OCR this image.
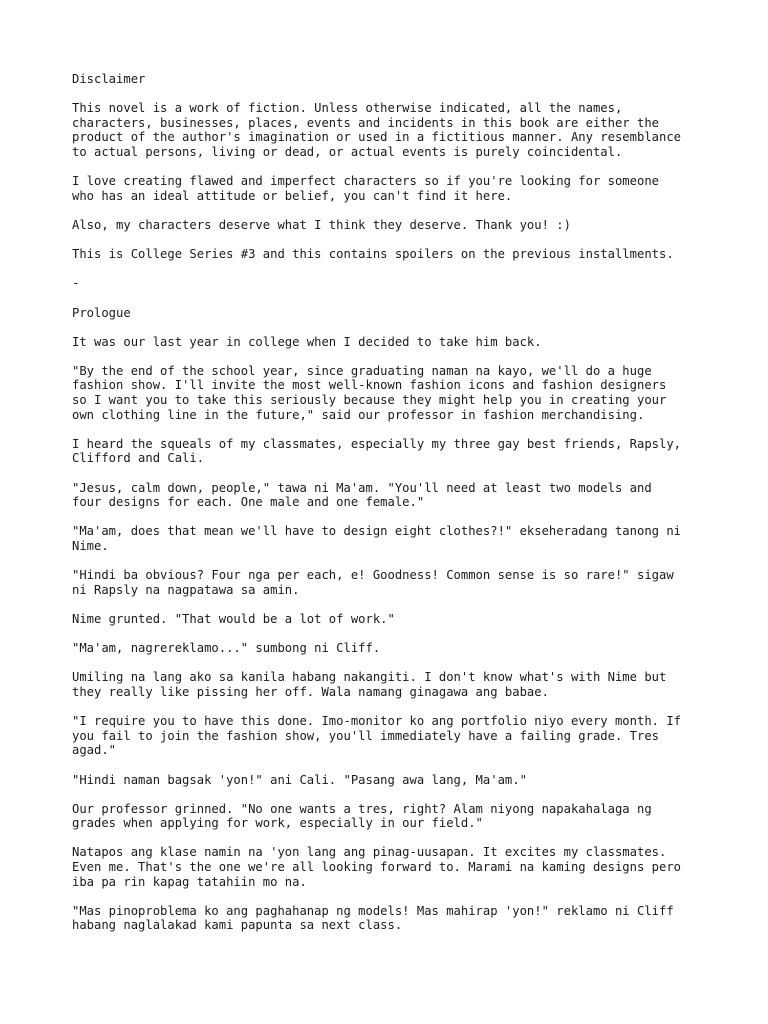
Disclaimer

This novel is a work of fiction. Unless otherwise indicated, all the names,
characters, businesses, places, events and incidents in this book are either the
product of the author's imagination or used in a fictitious manner. Any resemblance
to actual persons, living or dead, or actual events is purely coincidental.

I love creating flawed and imperfect characters so if you're looking for someone
who has an ideal attitude or belief, you can't find it here.

Also, my characters deserve what I think they deserve. Thank you! :)

This is College Series #3 and this contains spoilers on the previous installments.

-

Prologue

It was our last year in college when I decided to take him back.

"By the end of the school year, since graduating naman na kayo, we'll do a huge
fashion show. I'll invite the most well-known fashion icons and fashion designers
so I want you to take this seriously because they might help you in creating your
own clothing line in the future," said our professor in fashion merchandising.

I heard the squeals of my classmates, especially my three gay best friends, Rapsly,
Clifford and Cali.

"Jesus, calm down, people," tawa ni Ma'am. "You'll need at least two models and
four designs for each. One male and one female."

"Ma'am, does that mean we'll have to design eight clothes?!" ekseheradang tanong ni
Nime.

"Hindi ba obvious? Four nga per each, e! Goodness! Common sense is so rare!" sigaw
ni Rapsly na nagpatawa sa amin.

Nime grunted. "That would be a lot of work."

"Ma'am, nagrereklamo..." sumbong ni Cliff.

Umiling na lang ako sa kanila habang nakangiti. I don't know what's with Nime but
they really like pissing her off. Wala namang ginagawa ang babae.

"I require you to have this done. Imo-monitor ko ang portfolio niyo every month. If
you fail to join the fashion show, you'll immediately have a failing grade. Tres
agad."

"Hindi naman bagsak 'yon!" ani Cali. "Pasang awa lang, Ma'am."

Our professor grinned. "No one wants a tres, right? Alam niyong napakahalaga ng
grades when applying for work, especially in our field."

Natapos ang klase namin na 'yon lang ang pinag-uusapan. It excites my classmates.
Even me. That's the one we're all looking forward to. Marami na kaming designs pero
iba pa rin kapag tatahiin mo na.

"Mas pinoproblema ko ang paghahanap ng models! Mas mahirap 'yon!" reklamo ni Cliff
habang naglalakad kami papunta sa next class.
